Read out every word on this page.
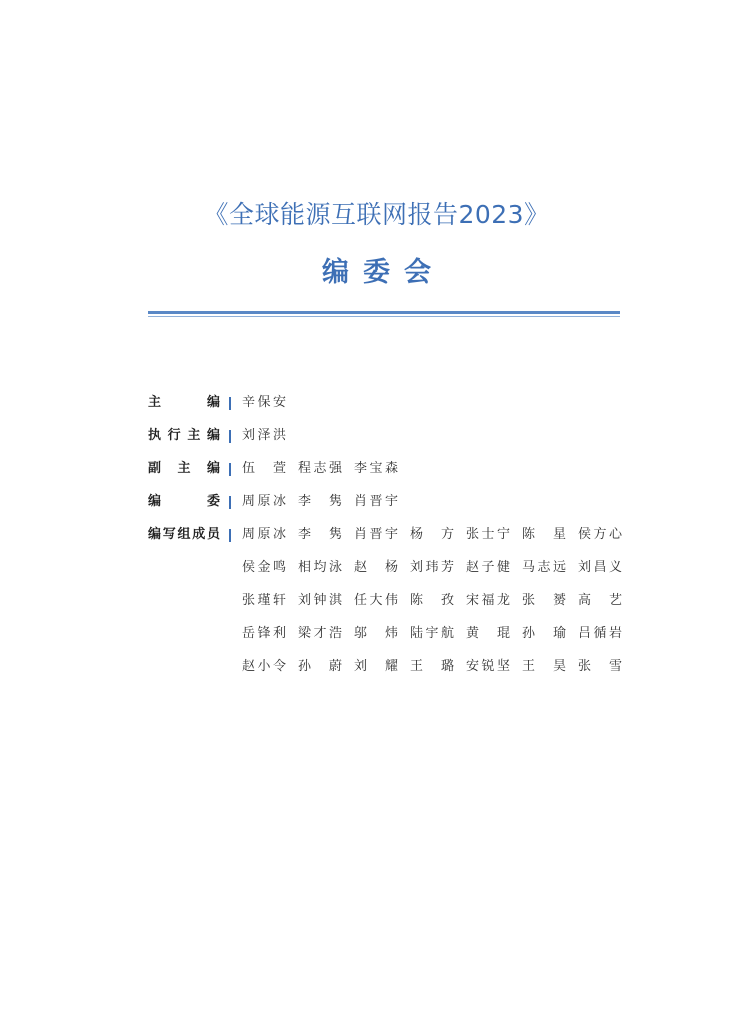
《全球能源互联网报告2023》
编委会
主编 辛保安
执行主编 刘泽洪
副主编 伍萱 程志强 李宝森
编委 周原冰 李隽 肖晋宇
编写组成员 周原冰 李隽 肖晋宇 杨方 张士宁 陈星 侯方心
侯金鸣 相均泳 赵杨 刘玮芳 赵子健 马志远 刘昌义
张瑾轩 刘钟淇 任大伟 陈孜 宋福龙 张赟 高艺
岳锋利 梁才浩 邬炜 陆宇航 黄琨 孙瑜 吕循岩
赵小令 孙蔚 刘耀 王璐 安锐坚 王昊 张雪
